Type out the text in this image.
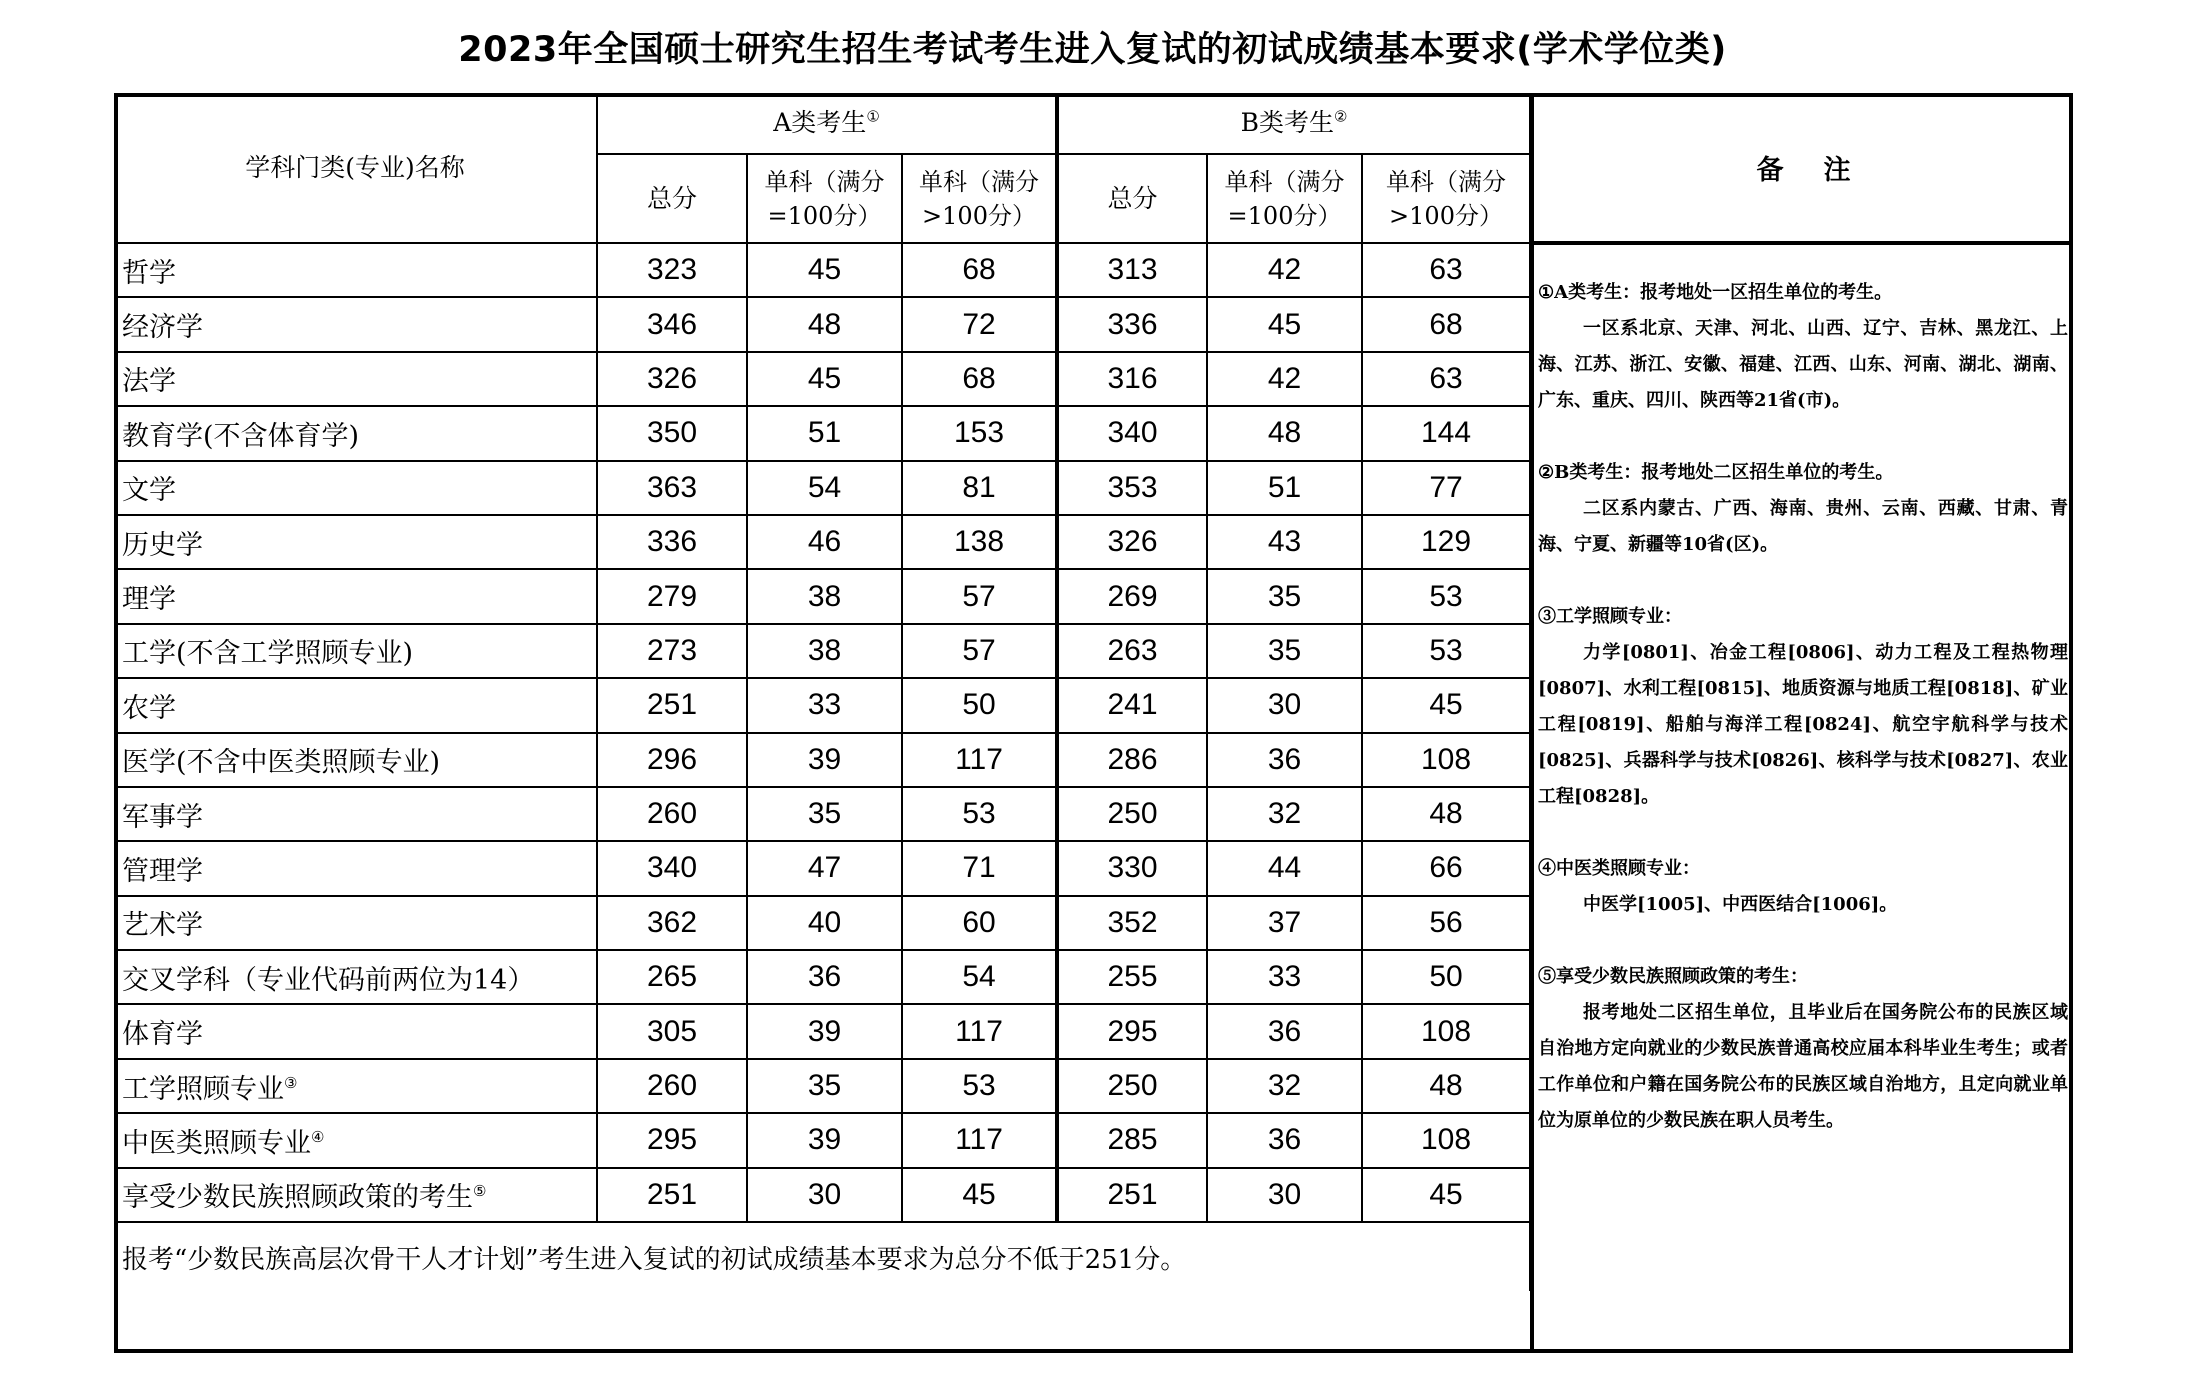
2023年全国硕士研究生招生考试考生进入复试的初试成绩基本要求(学术学位类)
学科门类(专业)名称	A类考生①			B类考生②
	总分	单科（满分=100分）	单科（满分>100分）	总分	单科（满分=100分）	单科（满分>100分）
哲学	323	45	68	313	42	63
经济学	346	48	72	336	45	68
法学	326	45	68	316	42	63
教育学(不含体育学)	350	51	153	340	48	144
文学	363	54	81	353	51	77
历史学	336	46	138	326	43	129
理学	279	38	57	269	35	53
工学(不含工学照顾专业)	273	38	57	263	35	53
农学	251	33	50	241	30	45
医学(不含中医类照顾专业)	296	39	117	286	36	108
军事学	260	35	53	250	32	48
管理学	340	47	71	330	44	66
艺术学	362	40	60	352	37	56
交叉学科（专业代码前两位为14）	265	36	54	255	33	50
体育学	305	39	117	295	36	108
工学照顾专业③	260	35	53	250	32	48
中医类照顾专业④	295	39	117	285	36	108
享受少数民族照顾政策的考生⑤	251	30	45	251	30	45
报考“少数民族高层次骨干人才计划”考生进入复试的初试成绩基本要求为总分不低于251分。						
备注
①A类考生：报考地处一区招生单位的考生。
一区系北京、天津、河北、山西、辽宁、吉林、黑龙江、上海、江苏、浙江、安徽、福建、江西、山东、河南、湖北、湖南、广东、重庆、四川、陕西等21省(市)。
②B类考生：报考地处二区招生单位的考生。
二区系内蒙古、广西、海南、贵州、云南、西藏、甘肃、青海、宁夏、新疆等10省(区)。
③工学照顾专业：
力学[0801]、冶金工程[0806]、动力工程及工程热物理[0807]、水利工程[0815]、地质资源与地质工程[0818]、矿业工程[0819]、船舶与海洋工程[0824]、航空宇航科学与技术[0825]、兵器科学与技术[0826]、核科学与技术[0827]、农业工程[0828]。
④中医类照顾专业：
中医学[1005]、中西医结合[1006]。
⑤享受少数民族照顾政策的考生：
报考地处二区招生单位，且毕业后在国务院公布的民族区域自治地方定向就业的少数民族普通高校应届本科毕业生考生；或者工作单位和户籍在国务院公布的民族区域自治地方，且定向就业单位为原单位的少数民族在职人员考生。
